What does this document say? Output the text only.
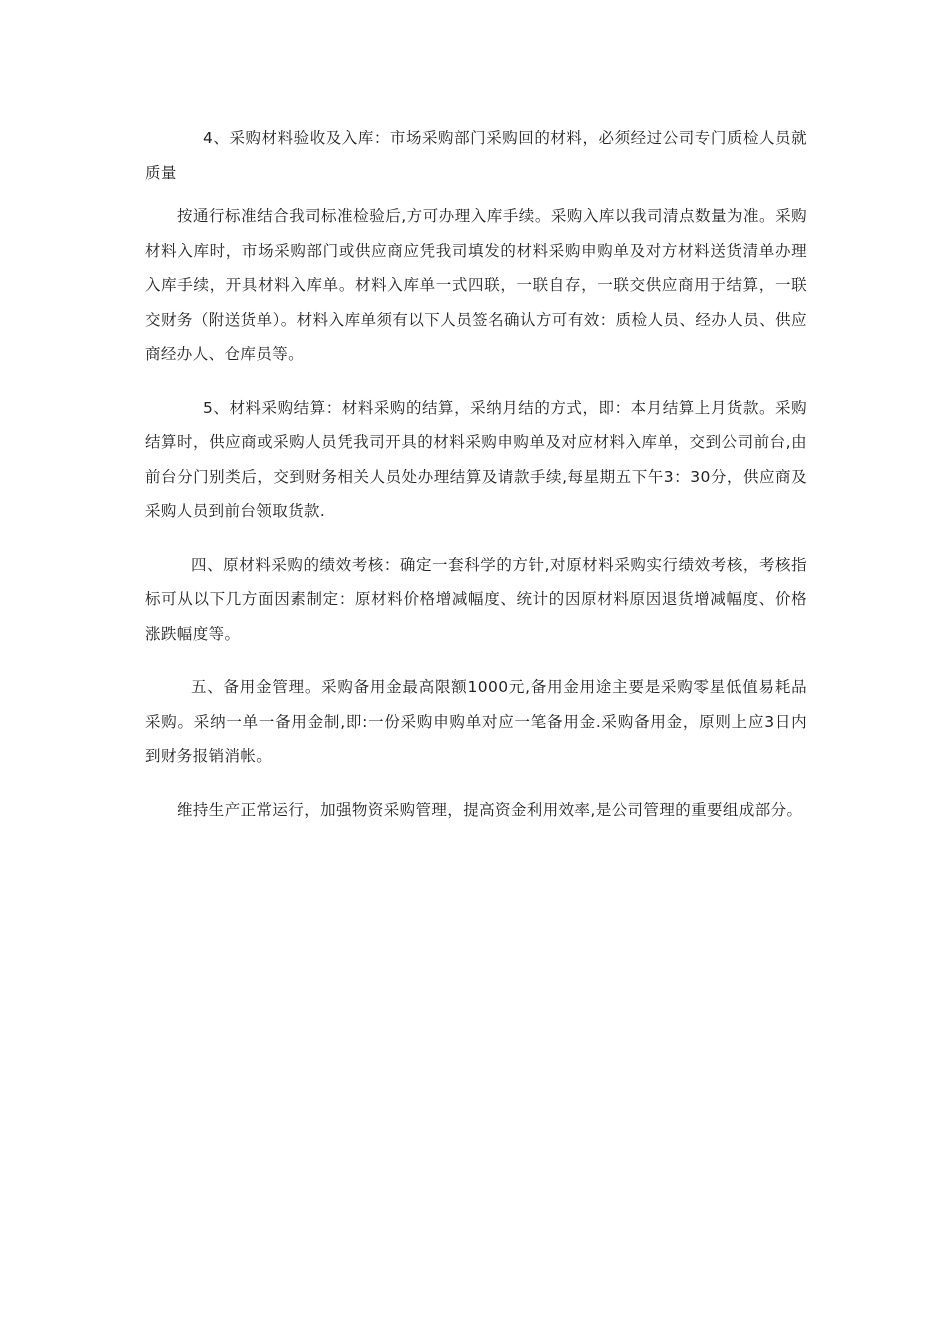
4、采购材料验收及入库：市场采购部门采购回的材料，必须经过公司专门质检人员就质量

按通行标准结合我司标准检验后,方可办理入库手续。采购入库以我司清点数量为准。采购材料入库时，市场采购部门或供应商应凭我司填发的材料采购申购单及对方材料送货清单办理入库手续，开具材料入库单。材料入库单一式四联，一联自存，一联交供应商用于结算，一联交财务（附送货单）。材料入库单须有以下人员签名确认方可有效：质检人员、经办人员、供应商经办人、仓库员等。

5、材料采购结算：材料采购的结算，采纳月结的方式，即：本月结算上月货款。采购结算时，供应商或采购人员凭我司开具的材料采购申购单及对应材料入库单，交到公司前台,由前台分门别类后，交到财务相关人员处办理结算及请款手续,每星期五下午3：30分，供应商及采购人员到前台领取货款.

四、原材料采购的绩效考核：确定一套科学的方针,对原材料采购实行绩效考核，考核指标可从以下几方面因素制定：原材料价格增减幅度、统计的因原材料原因退货增减幅度、价格涨跌幅度等。

五、备用金管理。采购备用金最高限额1000元,备用金用途主要是采购零星低值易耗品采购。采纳一单一备用金制,即:一份采购申购单对应一笔备用金.采购备用金，原则上应3日内到财务报销消帐。

维持生产正常运行，加强物资采购管理，提高资金利用效率,是公司管理的重要组成部分。
